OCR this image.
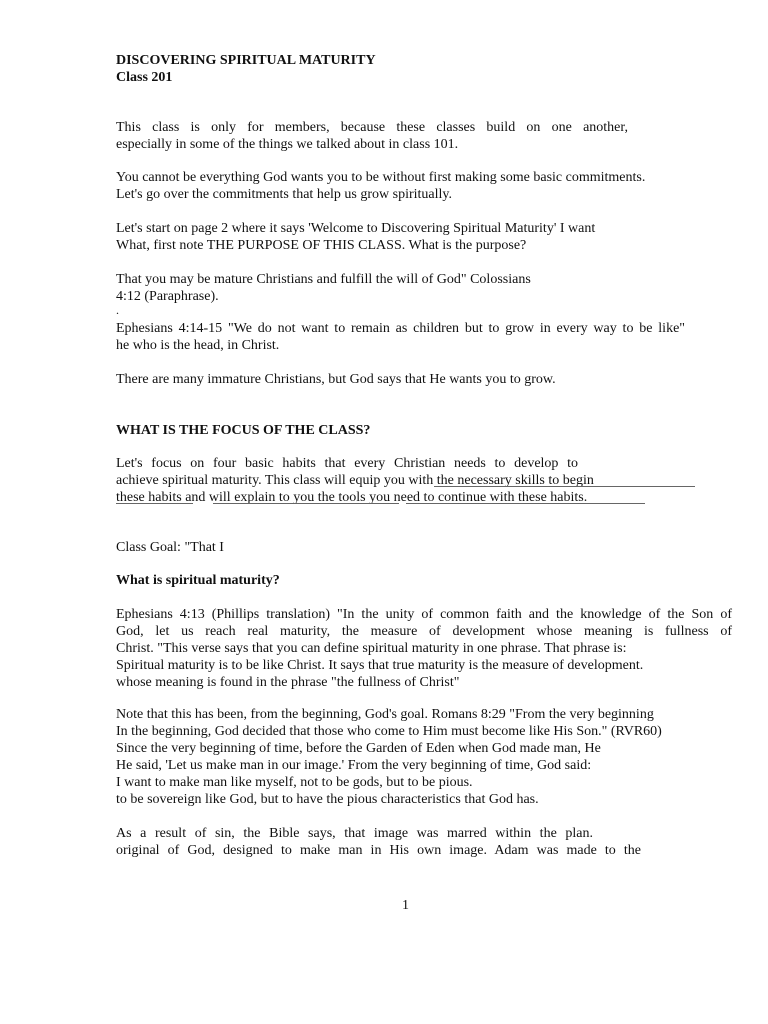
DISCOVERING SPIRITUAL MATURITY
Class 201
This class is only for members, because these classes build on one another,
especially in some of the things we talked about in class 101.
You cannot be everything God wants you to be without first making some basic commitments.
Let's go over the commitments that help us grow spiritually.
Let's start on page 2 where it says 'Welcome to Discovering Spiritual Maturity' I want
What, first note THE PURPOSE OF THIS CLASS. What is the purpose?
That you may be mature Christians and fulfill the will of God" Colossians
4:12 (Paraphrase).
.
Ephesians 4:14-15 "We do not want to remain as children but to grow in every way to be like"
he who is the head, in Christ.
There are many immature Christians, but God says that He wants you to grow.
WHAT IS THE FOCUS OF THE CLASS?
Let's focus on four basic habits that every Christian needs to develop to
achieve spiritual maturity. This class will equip you with the necessary skills to begin
these habits and will explain to you the tools you need to continue with these habits.
Class Goal: "That I
What is spiritual maturity?
Ephesians 4:13 (Phillips translation) "In the unity of common faith and the knowledge of the Son of
God, let us reach real maturity, the measure of development whose meaning is fullness of
Christ. "This verse says that you can define spiritual maturity in one phrase. That phrase is:
Spiritual maturity is to be like Christ. It says that true maturity is the measure of development.
whose meaning is found in the phrase "the fullness of Christ"
Note that this has been, from the beginning, God's goal. Romans 8:29 "From the very beginning
In the beginning, God decided that those who come to Him must become like His Son." (RVR60)
Since the very beginning of time, before the Garden of Eden when God made man, He
He said, 'Let us make man in our image.' From the very beginning of time, God said:
I want to make man like myself, not to be gods, but to be pious.
to be sovereign like God, but to have the pious characteristics that God has.
As a result of sin, the Bible says, that image was marred within the plan.
original of God, designed to make man in His own image. Adam was made to the
1
